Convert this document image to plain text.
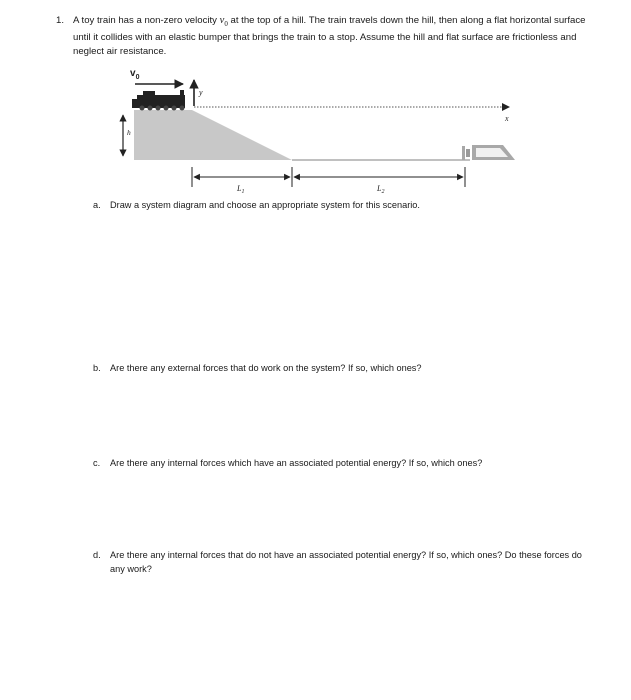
1. A toy train has a non-zero velocity $v_0$ at the top of a hill. The train travels down the hill, then along a flat horizontal surface until it collides with an elastic bumper that brings the train to a stop. Assume the hill and flat surface are frictionless and neglect air resistance.
$v_0$
y
x
h
$L_1$	$L_2$
a. Draw a system diagram and choose an appropriate system for this scenario.
b. Are there any external forces that do work on the system? If so, which ones?
c. Are there any internal forces which have an associated potential energy? If so, which ones?
d. Are there any internal forces that do not have an associated potential energy? If so, which ones? Do these forces do any work?
